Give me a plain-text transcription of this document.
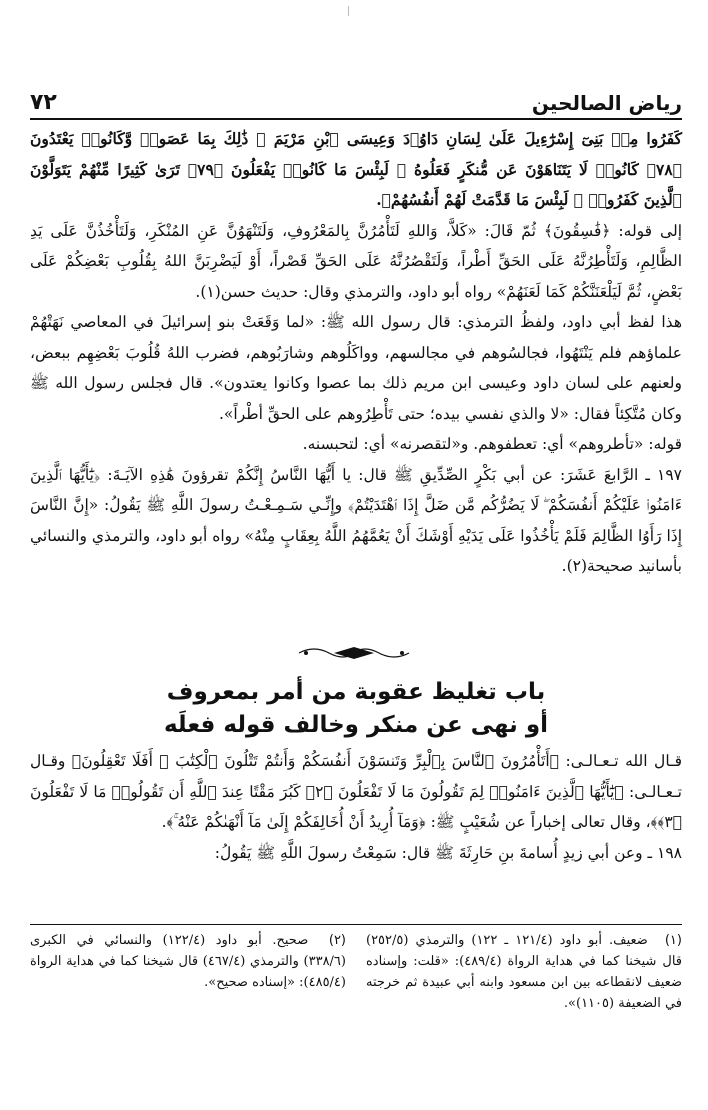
رياض الصالحين
٧٢

كَفَرُوا مِنۢ بَنِىٓ إِسْرَٰٓءِيلَ عَلَىٰ لِسَانِ دَاوُۥدَ وَعِيسَى ٱبْنِ مَرْيَمَ ۚ ذَٰلِكَ بِمَا عَصَوا۟ وَّكَانُوا۟ يَعْتَدُونَ ﴿٧٨﴾ كَانُوا۟ لَا يَتَنَاهَوْنَ عَن مُّنكَرٍ فَعَلُوهُ ۚ لَبِئْسَ مَا كَانُوا۟ يَفْعَلُونَ ﴿٧٩﴾ تَرَىٰ كَثِيرًا مِّنْهُمْ يَتَوَلَّوْنَ ٱلَّذِينَ كَفَرُوا۟ ۚ لَبِئْسَ مَا قَدَّمَتْ لَهُمْ أَنفُسُهُمْ﴾.

إلى قوله: ﴿فَٰسِقُونَ﴾ ثُمّ قَالَ: «كَلاَّ، وَاللهِ لَتَأْمُرُنَّ بِالمَعْرُوفِ، وَلَتَنْهَوُنَّ عَنِ المُنْكَرِ، وَلَتَأْخُذُنَّ عَلَى يَدِ الظَّالِمِ، وَلَتَأْطِرُنَّهُ عَلَى الحَقِّ أَطْراً، وَلَتَقْصُرُنَّهُ عَلَى الحَقِّ قَصْراً، أَوْ لَيَضْرِبَنَّ اللهُ بِقُلُوبِ بَعْضِكُمْ عَلَى بَعْضٍ، ثُمَّ لَيَلْعَنَنَّكُمْ كَمَا لَعَنَهُمْ» رواه أبو داود، والترمذي وقال: حديث حسن(١).

هذا لفظ أبي داود، ولفظُ الترمذي: قال رسول الله ﷺ: «لما وَقَعَتْ بنو إسرائيلَ في المعاصي نَهَتْهُمْ علماؤهم فلم يَنْتَهُوا، فجالسُوهم في مجالسهم، وواكَلُوهم وشارَبُوهم، فضرب اللهُ قُلُوبَ بَعْضِهِم ببعض، ولعنهم على لسان داود وعيسى ابن مريم ذلك بما عصوا وكانوا يعتدون». قال فجلس رسول الله ﷺ وكان مُتَّكِئاً فقال: «لا والذي نفسي بيده؛ حتى تَأْطِرُوهم على الحقِّ أطْراً».

قوله: «تأطروهم» أي: تعطفوهم. و«لتقصرنه» أي: لتحبسنه.

١٩٧ ـ الرَّابعَ عَشَرَ: عن أبي بَكْرٍ الصِّدِّيقِ ﷺ قال: يا أَيُّهَا النَّاسُ إِنَّكُمْ تقرؤونَ هَٰذِهِ الآيَـةَ: ﴿يَٰٓأَيُّهَا ٱلَّذِينَ ءَامَنُوا۟ عَلَيْكُمْ أَنفُسَكُمْ ۖ لَا يَضُرُّكُم مَّن ضَلَّ إِذَا ٱهْتَدَيْتُمْ﴾ وإِنِّـي سَـمِـعْـتُ رسولَ اللَّهِ ﷺ يَقُولُ: «إِنَّ النَّاسَ إِذَا رَأَوُا الظَّالِمَ فَلَمْ يَأْخُذُوا عَلَى يَدَيْهِ أَوْشَكَ أَنْ يَعُمَّهُمُ اللَّهُ بِعِقَابٍ مِنْهُ» رواه أبو داود، والترمذي والنسائي بأسانيد صحيحة(٢).

باب تغليظ عقوبة من أمر بمعروف
أو نهى عن منكر وخالف قوله فعلَه

قـال الله تـعـالـى: ﴿أَتَأْمُرُونَ ٱلنَّاسَ بِٱلْبِرِّ وَتَنسَوْنَ أَنفُسَكُمْ وَأَنتُمْ تَتْلُونَ ٱلْكِتَٰبَ ۚ أَفَلَا تَعْقِلُونَ﴾ وقـال تـعـالـى: ﴿يَٰٓأَيُّهَا ٱلَّذِينَ ءَامَنُوا۟ لِمَ تَقُولُونَ مَا لَا تَفْعَلُونَ ﴿٢﴾ كَبُرَ مَقْتًا عِندَ ٱللَّهِ أَن تَقُولُوا۟ مَا لَا تَفْعَلُونَ ﴿٣﴾﴾، وقال تعالى إخباراً عن شُعَيْبٍ ﷺ: ﴿وَمَآ أُرِيدُ أَنْ أُخَالِفَكُمْ إِلَىٰ مَآ أَنْهَىٰكُمْ عَنْهُ ۚ﴾.

١٩٨ ـ وعن أبي زيدٍ أُسامةَ بنِ حَارِثَةَ ﷺ قال: سَمِعْتُ رسولَ اللَّهِ ﷺ يَقُولُ:

(١) ضعيف. أبو داود (١٢١/٤ ـ ١٢٢) والترمذي (٢٥٢/٥) قال شيخنا كما في هداية الرواة (٤٨٩/٤): «قلت: وإسناده ضعيف لانقطاعه بين ابن مسعود وابنه أبي عبيدة ثم خرجته في الضعيفة (١١٠٥)».
(٢) صحيح. أبو داود (١٢٢/٤) والنسائي في الكبرى (٣٣٨/٦) والترمذي (٤٦٧/٤) قال شيخنا كما في هداية الرواة (٤٨٥/٤): «إسناده صحيح».
